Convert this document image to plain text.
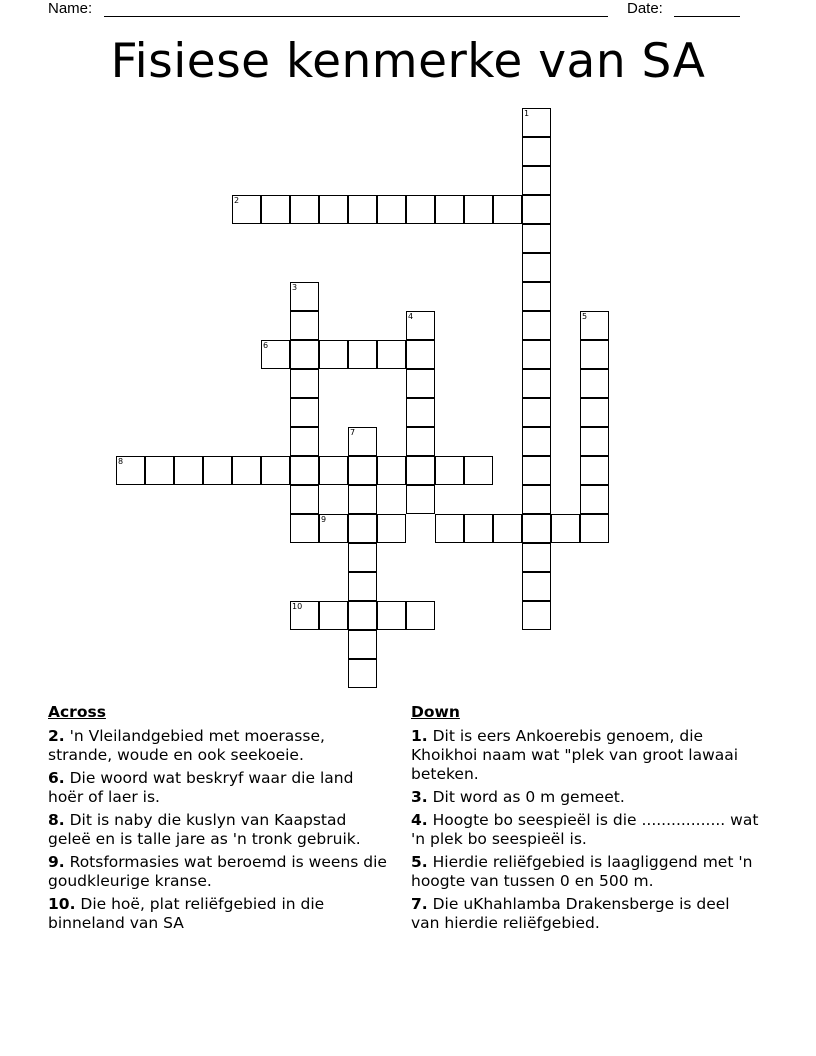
Name:	Date:
Fisiese kenmerke van SA
1
2
3
4	5
6
8
7
9
10
Across
2. 'n Vleilandgebied met moerasse, strande, woude en ook seekoeie.
6. Die woord wat beskryf waar die land hoër of laer is.
8. Dit is naby die kuslyn van Kaapstad geleë en is talle jare as 'n tronk gebruik.
9. Rotsformasies wat beroemd is weens die goudkleurige kranse.
10. Die hoë, plat reliëfgebied in die binneland van SA
Down
1. Dit is eers Ankoerebis genoem, die Khoikhoi naam wat "plek van groot lawaai beteken.
3. Dit word as 0 m gemeet.
4. Hoogte bo seespieël is die ................. wat 'n plek bo seespieël is.
5. Hierdie reliëfgebied is laagliggend met 'n hoogte van tussen 0 en 500 m.
7. Die uKhahlamba Drakensberge is deel van hierdie reliëfgebied.
